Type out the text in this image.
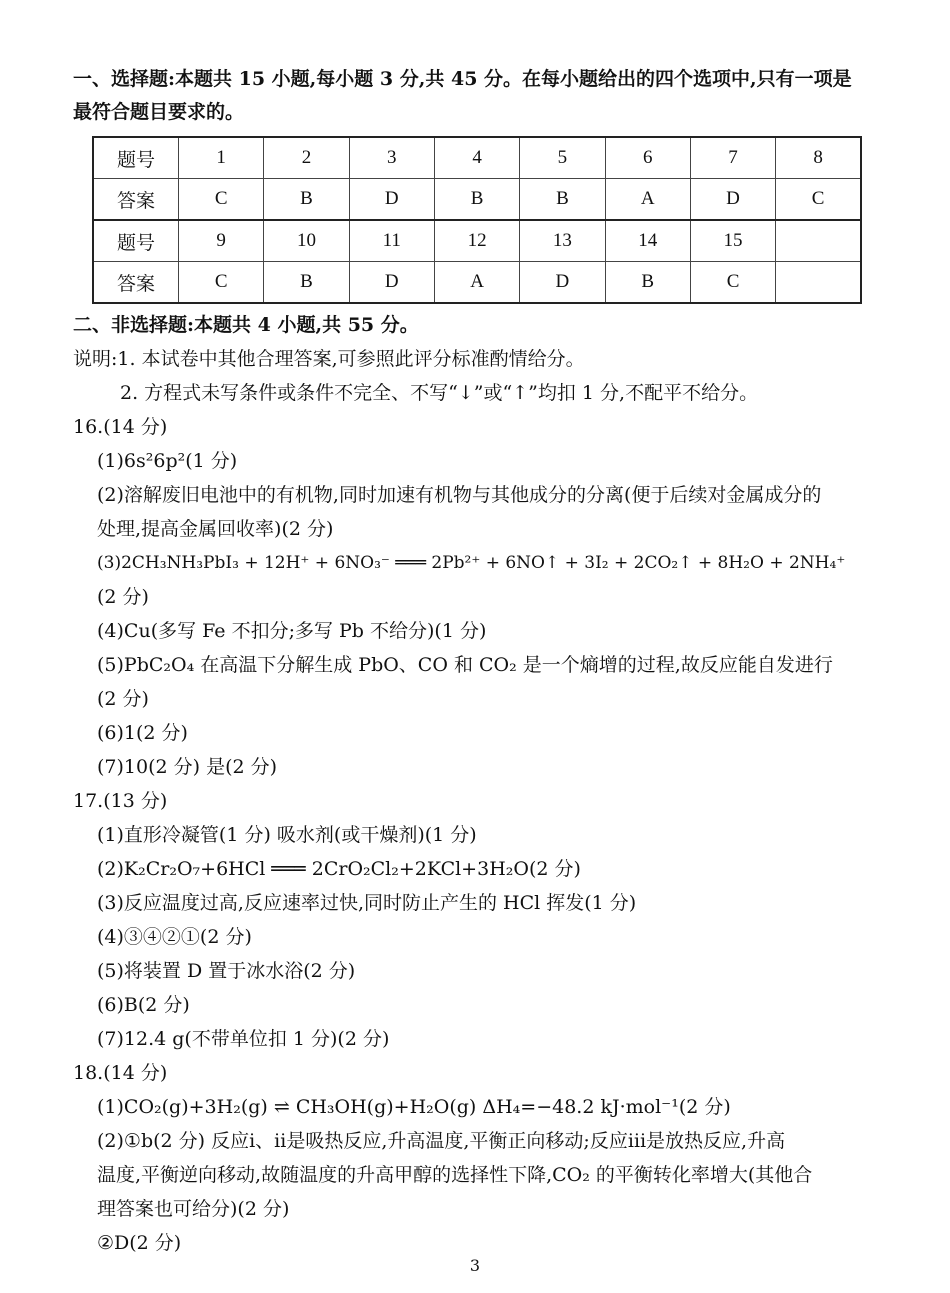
一、选择题:本题共 15 小题,每小题 3 分,共 45 分。在每小题给出的四个选项中,只有一项是
最符合题目要求的。
题号	1	2	3	4	5	6	7	8
答案	C	B	D	B	B	A	D	C
题号	9	10	11	12	13	14	15	
答案	C	B	D	A	D	B	C	
二、非选择题:本题共 4 小题,共 55 分。
说明:1. 本试卷中其他合理答案,可参照此评分标准酌情给分。
2. 方程式未写条件或条件不完全、不写“↓”或“↑”均扣 1 分,不配平不给分。
16.(14 分)
(1)6s²6p²(1 分)
(2)溶解废旧电池中的有机物,同时加速有机物与其他成分的分离(便于后续对金属成分的
处理,提高金属回收率)(2 分)
(3)2CH₃NH₃PbI₃ + 12H⁺ + 6NO₃⁻ ═══ 2Pb²⁺ + 6NO↑ + 3I₂ + 2CO₂↑ + 8H₂O + 2NH₄⁺
(2 分)
(4)Cu(多写 Fe 不扣分;多写 Pb 不给分)(1 分)
(5)PbC₂O₄ 在高温下分解生成 PbO、CO 和 CO₂ 是一个熵增的过程,故反应能自发进行
(2 分)
(6)1(2 分)
(7)10(2 分) 是(2 分)
17.(13 分)
(1)直形冷凝管(1 分) 吸水剂(或干燥剂)(1 分)
(2)K₂Cr₂O₇+6HCl ═══ 2CrO₂Cl₂+2KCl+3H₂O(2 分)
(3)反应温度过高,反应速率过快,同时防止产生的 HCl 挥发(1 分)
(4)③④②①(2 分)
(5)将装置 D 置于冰水浴(2 分)
(6)B(2 分)
(7)12.4 g(不带单位扣 1 分)(2 分)
18.(14 分)
(1)CO₂(g)+3H₂(g) ⇌ CH₃OH(g)+H₂O(g) ΔH₄=−48.2 kJ·mol⁻¹(2 分)
(2)①b(2 分) 反应ⅰ、ⅱ是吸热反应,升高温度,平衡正向移动;反应ⅲ是放热反应,升高
温度,平衡逆向移动,故随温度的升高甲醇的选择性下降,CO₂ 的平衡转化率增大(其他合
理答案也可给分)(2 分)
②D(2 分)
3
